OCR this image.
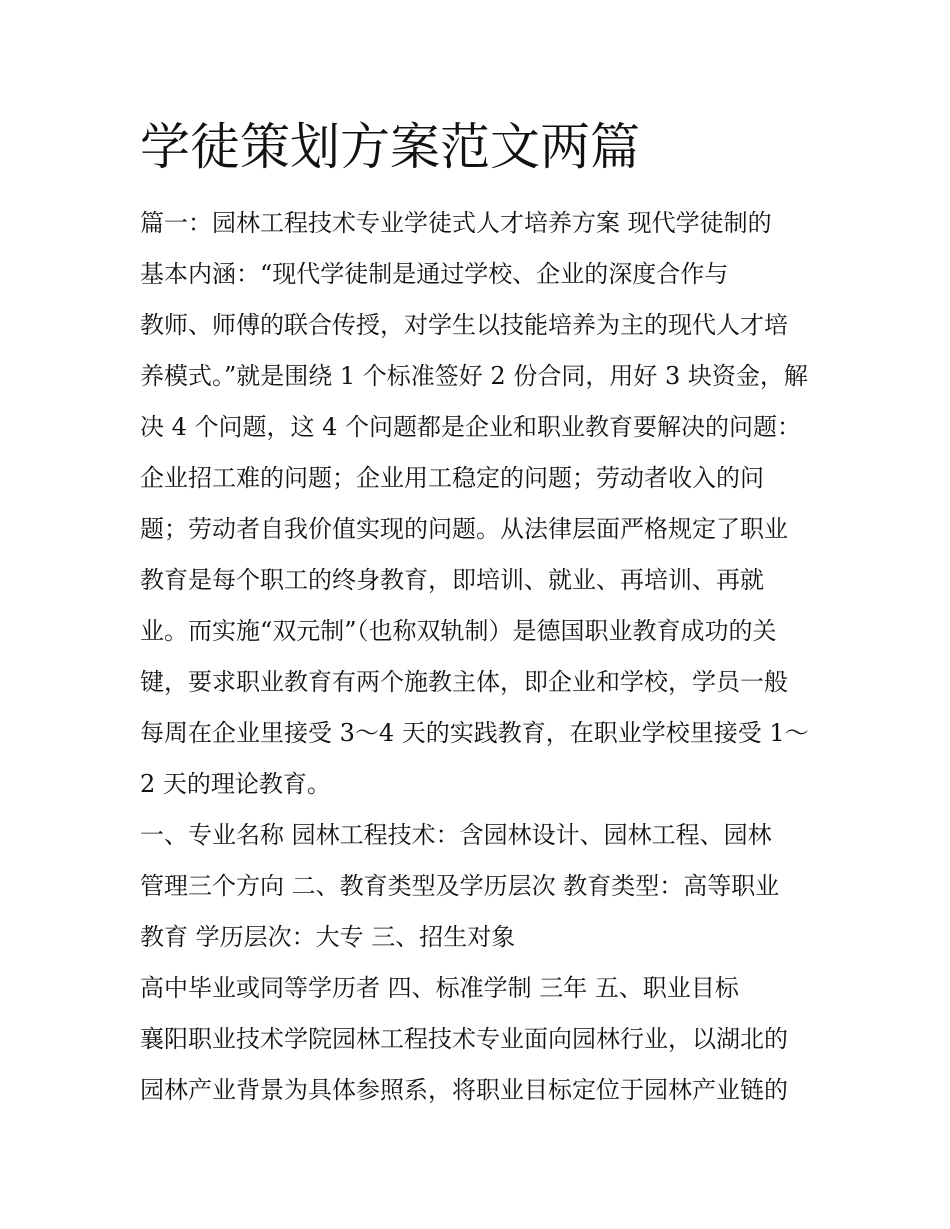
学徒策划方案范文两篇
篇一：园林工程技术专业学徒式人才培养方案 现代学徒制的
基本内涵：“现代学徒制是通过学校、企业的深度合作与
教师、师傅的联合传授，对学生以技能培养为主的现代人才培
养模式。”就是围绕 1 个标准签好 2 份合同，用好 3 块资金，解
决 4 个问题，这 4 个问题都是企业和职业教育要解决的问题：
企业招工难的问题；企业用工稳定的问题；劳动者收入的问
题；劳动者自我价值实现的问题。从法律层面严格规定了职业
教育是每个职工的终身教育，即培训、就业、再培训、再就
业。而实施“双元制”（也称双轨制）是德国职业教育成功的关
键，要求职业教育有两个施教主体，即企业和学校，学员一般
每周在企业里接受 3～4 天的实践教育，在职业学校里接受 1～
2 天的理论教育。
一、专业名称 园林工程技术：含园林设计、园林工程、园林
管理三个方向 二、教育类型及学历层次 教育类型：高等职业
教育 学历层次：大专 三、招生对象
高中毕业或同等学历者 四、标准学制 三年 五、职业目标
襄阳职业技术学院园林工程技术专业面向园林行业，以湖北的
园林产业背景为具体参照系，将职业目标定位于园林产业链的
